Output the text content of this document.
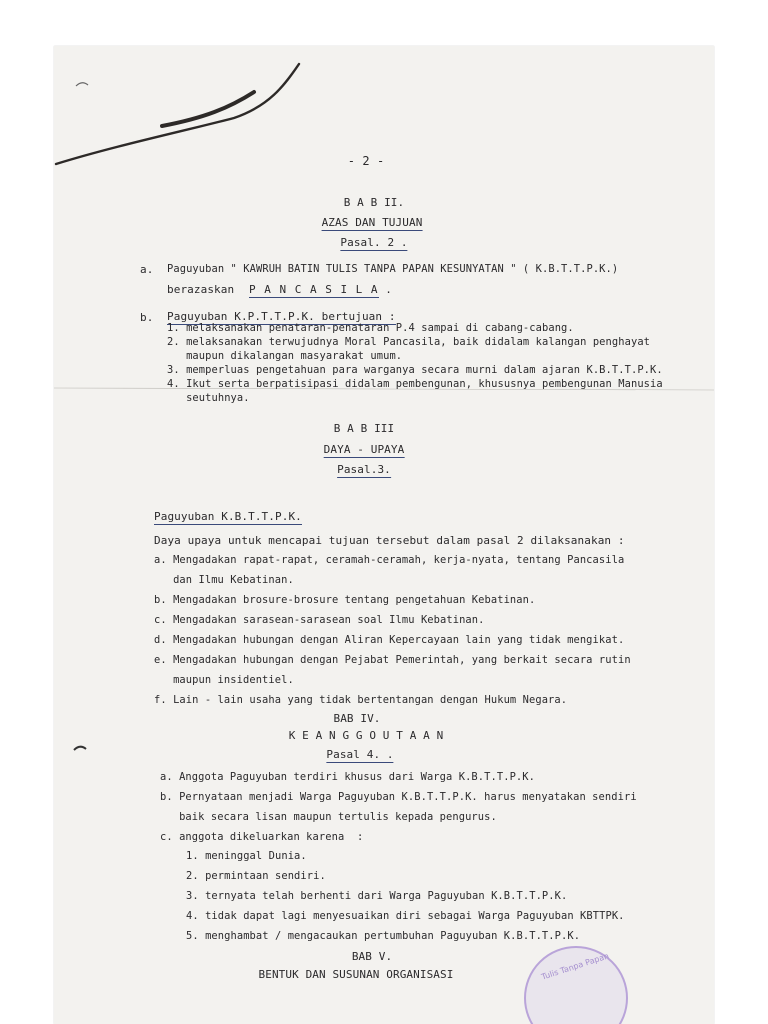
- 2 -
B A B II.
AZAS DAN TUJUAN
Pasal. 2 .
a. Paguyuban " KAWRUH BATIN TULIS TANPA PAPAN KESUNYATAN " ( K.B.T.T.P.K.)
berazaskan P A N C A S I L A .
b. Paguyuban K.P.T.T.P.K. bertujuan :
1. melaksanakan penataran-penataran P.4 sampai di cabang-cabang.
2. melaksanakan terwujudnya Moral Pancasila, baik didalam kalangan penghayat
maupun dikalangan masyarakat umum.
3. memperluas pengetahuan para warganya secara murni dalam ajaran K.B.T.T.P.K.
4. Ikut serta berpatisipasi didalam pembengunan, khususnya pembengunan Manusia
seutuhnya.
B A B III
DAYA - UPAYA
Pasal.3.
Paguyuban K.B.T.T.P.K.
Daya upaya untuk mencapai tujuan tersebut dalam pasal 2 dilaksanakan :
a. Mengadakan rapat-rapat, ceramah-ceramah, kerja-nyata, tentang Pancasila
dan Ilmu Kebatinan.
b. Mengadakan brosure-brosure tentang pengetahuan Kebatinan.
c. Mengadakan sarasean-sarasean soal Ilmu Kebatinan.
d. Mengadakan hubungan dengan Aliran Kepercayaan lain yang tidak mengikat.
e. Mengadakan hubungan dengan Pejabat Pemerintah, yang berkait secara rutin
maupun insidentiel.
f. Lain - lain usaha yang tidak bertentangan dengan Hukum Negara.
BAB IV.
K E A N G G O U T A A N
Pasal 4. .
a. Anggota Paguyuban terdiri khusus dari Warga K.B.T.T.P.K.
b. Pernyataan menjadi Warga Paguyuban K.B.T.T.P.K. harus menyatakan sendiri
baik secara lisan maupun tertulis kepada pengurus.
c. anggota dikeluarkan karena  :
1. meninggal Dunia.
2. permintaan sendiri.
3. ternyata telah berhenti dari Warga Paguyuban K.B.T.T.P.K.
4. tidak dapat lagi menyesuaikan diri sebagai Warga Paguyuban KBTTPK.
5. menghambat / mengacaukan pertumbuhan Paguyuban K.B.T.T.P.K.
BAB V.
BENTUK DAN SUSUNAN ORGANISASI	Tulis Tanpa Papan
